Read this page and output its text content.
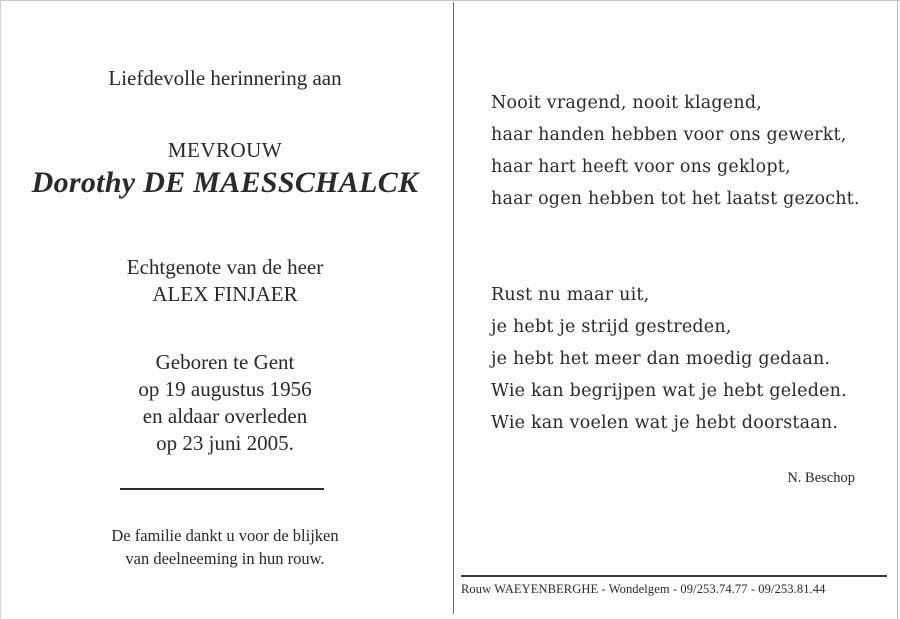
Liefdevolle herinnering aan
MEVROUW
Dorothy DE MAESSCHALCK
Echtgenote van de heer
ALEX FINJAER
Geboren te Gent
op 19 augustus 1956
en aldaar overleden
op 23 juni 2005.
De familie dankt u voor de blijken
van deelneeming in hun rouw.
Nooit vragend, nooit klagend,
haar handen hebben voor ons gewerkt,
haar hart heeft voor ons geklopt,
haar ogen hebben tot het laatst gezocht.
Rust nu maar uit,
je hebt je strijd gestreden,
je hebt het meer dan moedig gedaan.
Wie kan begrijpen wat je hebt geleden.
Wie kan voelen wat je hebt doorstaan.
N. Beschop
Rouw WAEYENBERGHE - Wondelgem - 09/253.74.77 - 09/253.81.44
